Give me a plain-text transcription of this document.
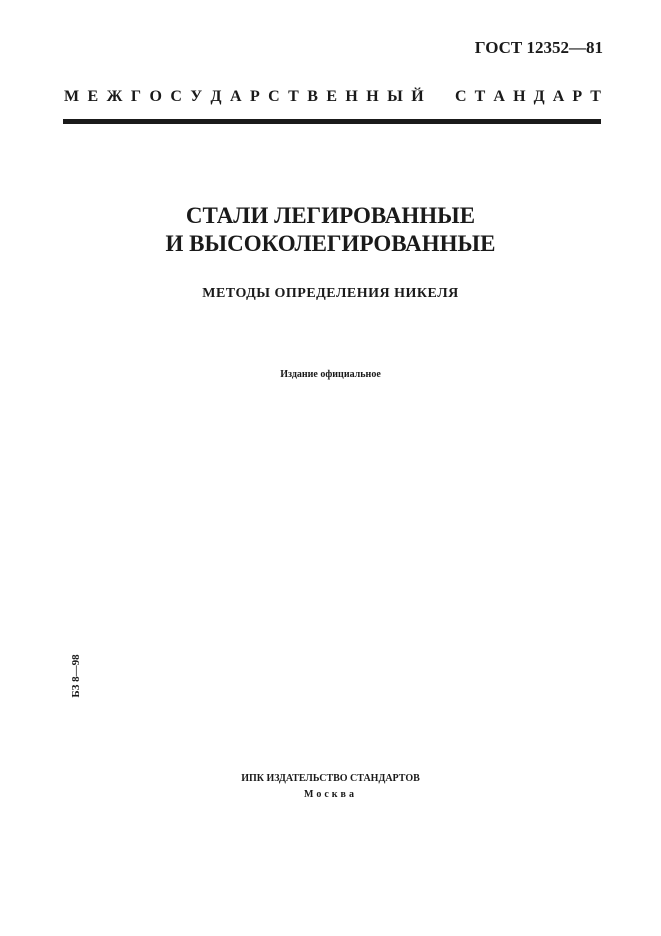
ГОСТ 12352—81
М Е Ж Г О С У Д А Р С Т В Е Н Н Ы Й С Т А Н Д А Р Т
СТАЛИ ЛЕГИРОВАННЫЕ
И ВЫСОКОЛЕГИРОВАННЫЕ
МЕТОДЫ ОПРЕДЕЛЕНИЯ НИКЕЛЯ
Издание официальное
БЗ 8—98
ИПК ИЗДАТЕЛЬСТВО СТАНДАРТОВ
Москва
